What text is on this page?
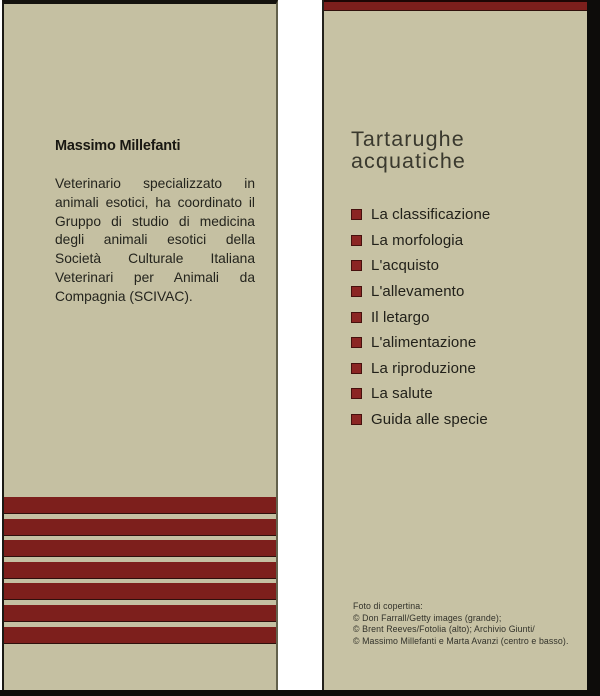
Massimo Millefanti
Veterinario specializzato in animali esotici, ha coordinato il Gruppo di studio di medicina degli animali esotici della Società Culturale Italiana Veterinari per Animali da Compagnia (SCIVAC).
Tartarughe
acquatiche
La classificazione
La morfologia
L'acquisto
L'allevamento
Il letargo
L'alimentazione
La riproduzione
La salute
Guida alle specie
Foto di copertina:
© Don Farrall/Getty images (grande);
© Brent Reeves/Fotolia (alto); Archivio Giunti/
© Massimo Millefanti e Marta Avanzi (centro e basso).
